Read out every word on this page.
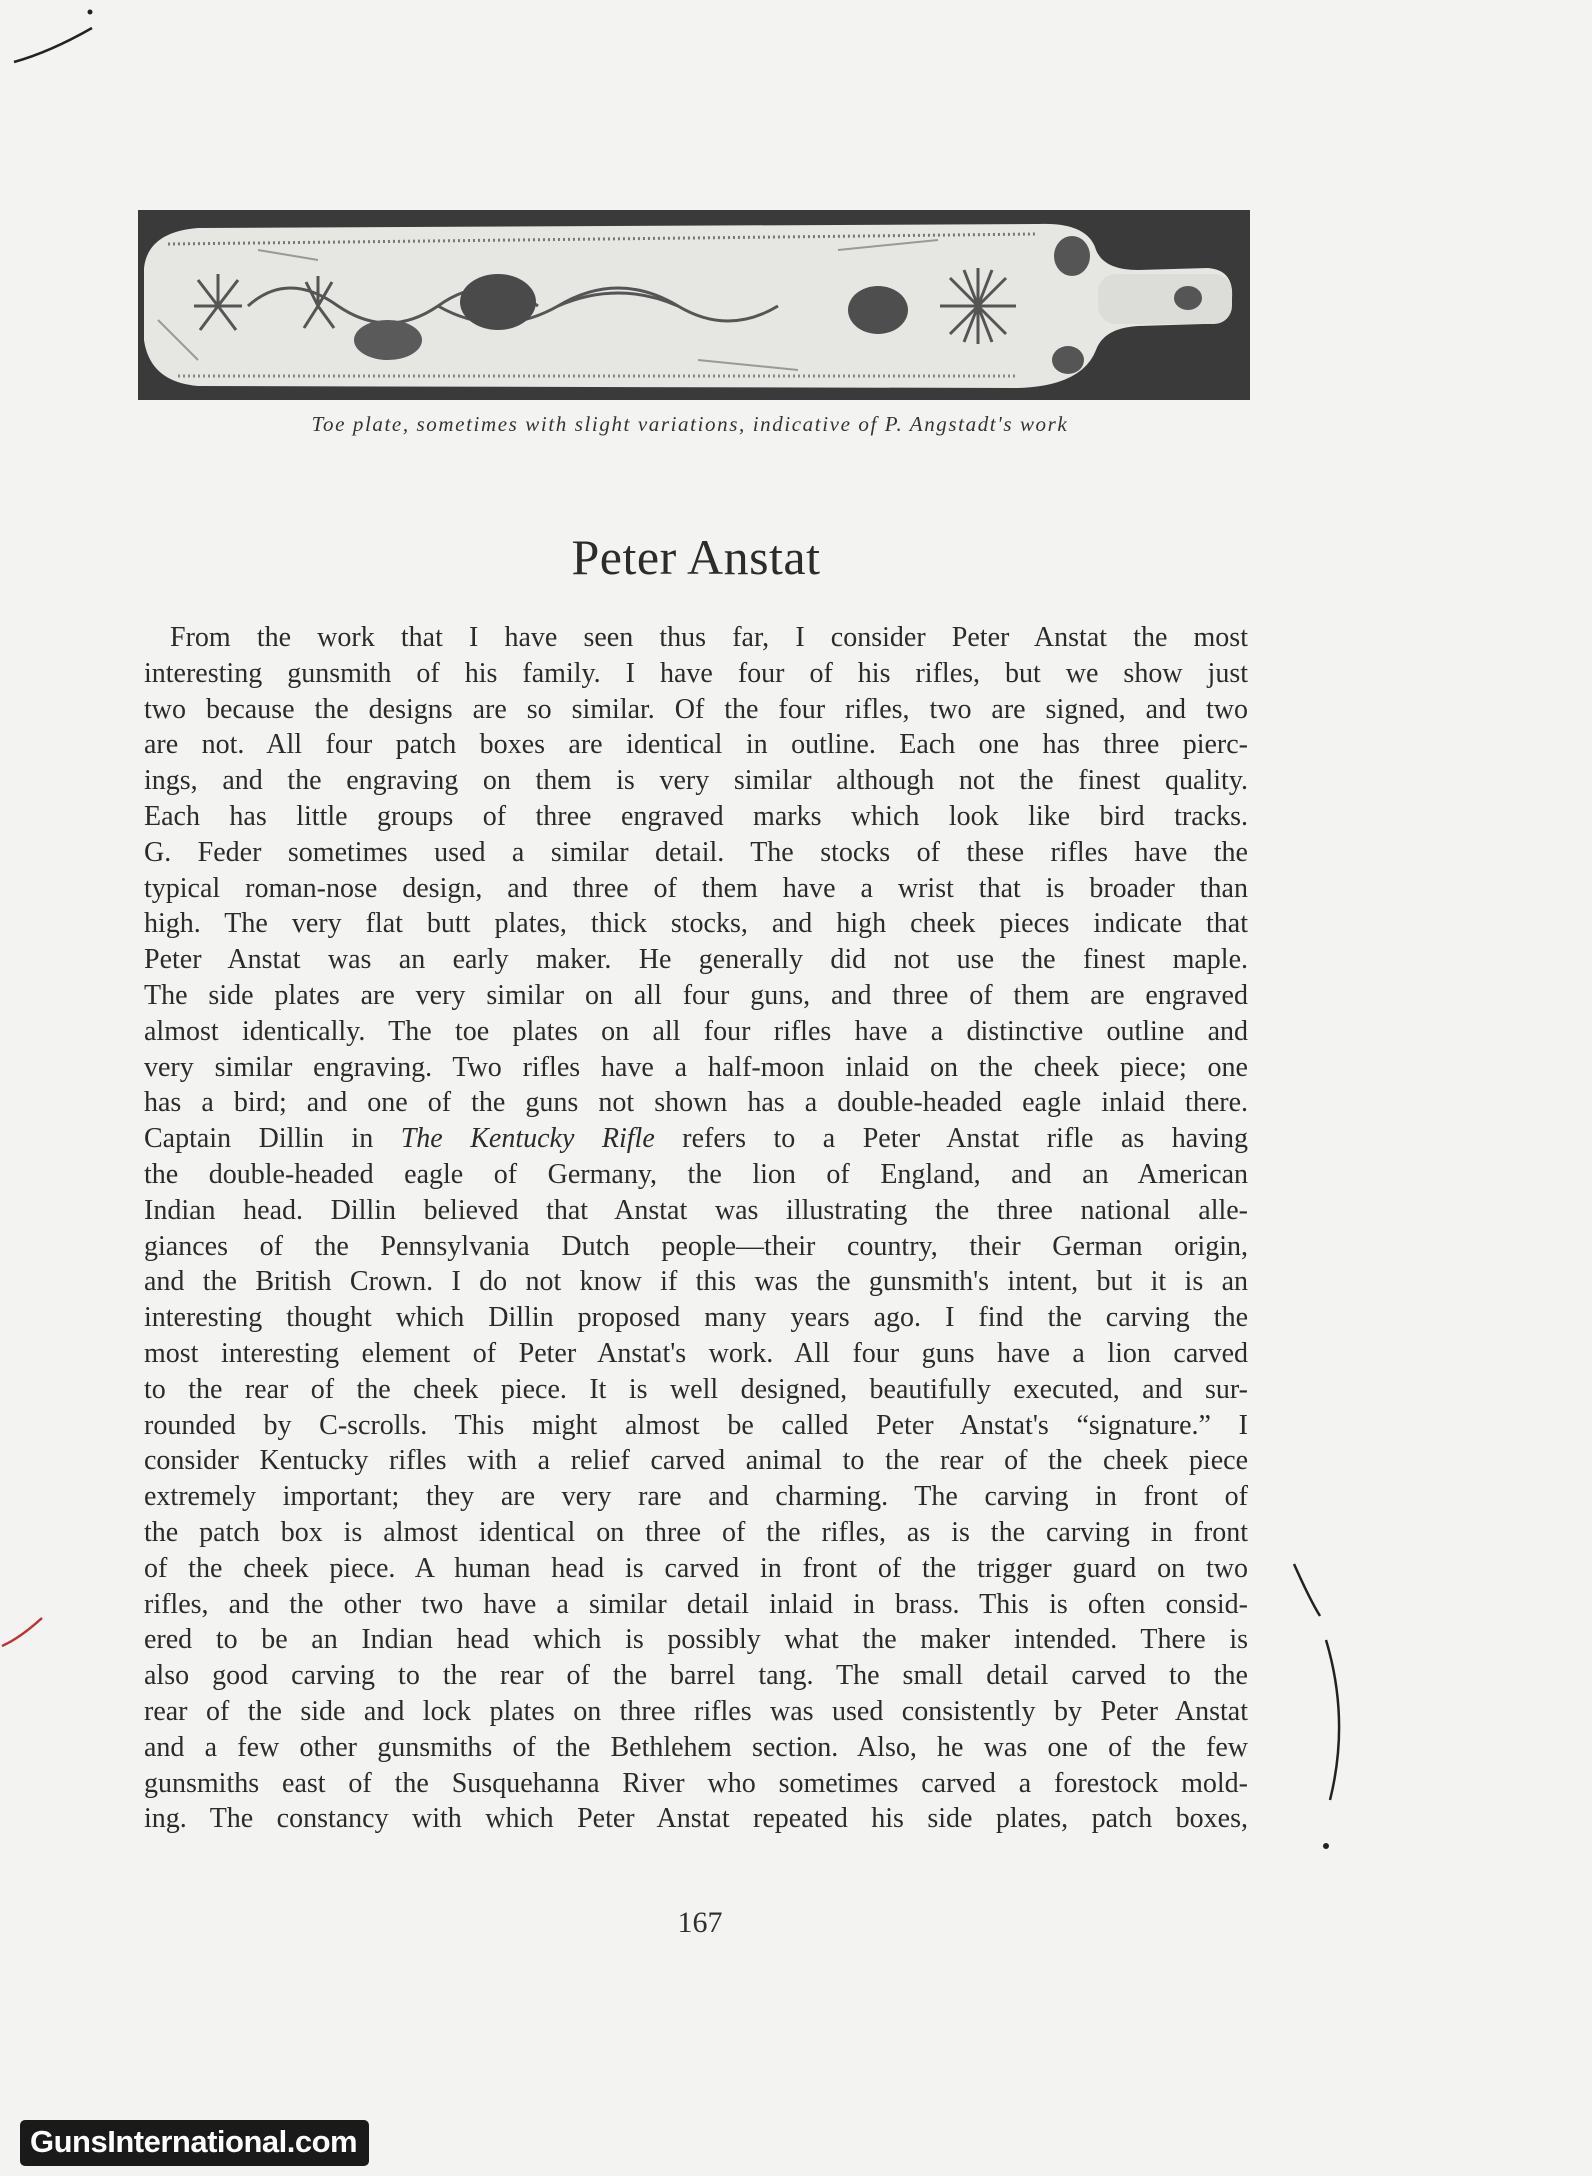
Toe plate, sometimes with slight variations, indicative of P. Angstadt's work
Peter Anstat
From the work that I have seen thus far, I consider Peter Anstat the most
interesting gunsmith of his family. I have four of his rifles, but we show just
two because the designs are so similar. Of the four rifles, two are signed, and two
are not. All four patch boxes are identical in outline. Each one has three pierc-
ings, and the engraving on them is very similar although not the finest quality.
Each has little groups of three engraved marks which look like bird tracks.
G. Feder sometimes used a similar detail. The stocks of these rifles have the
typical roman-nose design, and three of them have a wrist that is broader than
high. The very flat butt plates, thick stocks, and high cheek pieces indicate that
Peter Anstat was an early maker. He generally did not use the finest maple.
The side plates are very similar on all four guns, and three of them are engraved
almost identically. The toe plates on all four rifles have a distinctive outline and
very similar engraving. Two rifles have a half-moon inlaid on the cheek piece; one
has a bird; and one of the guns not shown has a double-headed eagle inlaid there.
Captain Dillin in The Kentucky Rifle refers to a Peter Anstat rifle as having
the double-headed eagle of Germany, the lion of England, and an American
Indian head. Dillin believed that Anstat was illustrating the three national alle-
giances of the Pennsylvania Dutch people—their country, their German origin,
and the British Crown. I do not know if this was the gunsmith's intent, but it is an
interesting thought which Dillin proposed many years ago. I find the carving the
most interesting element of Peter Anstat's work. All four guns have a lion carved
to the rear of the cheek piece. It is well designed, beautifully executed, and sur-
rounded by C-scrolls. This might almost be called Peter Anstat's “signature.” I
consider Kentucky rifles with a relief carved animal to the rear of the cheek piece
extremely important; they are very rare and charming. The carving in front of
the patch box is almost identical on three of the rifles, as is the carving in front
of the cheek piece. A human head is carved in front of the trigger guard on two
rifles, and the other two have a similar detail inlaid in brass. This is often consid-
ered to be an Indian head which is possibly what the maker intended. There is
also good carving to the rear of the barrel tang. The small detail carved to the
rear of the side and lock plates on three rifles was used consistently by Peter Anstat
and a few other gunsmiths of the Bethlehem section. Also, he was one of the few
gunsmiths east of the Susquehanna River who sometimes carved a forestock mold-
ing. The constancy with which Peter Anstat repeated his side plates, patch boxes,
167
GunsInternational.com
